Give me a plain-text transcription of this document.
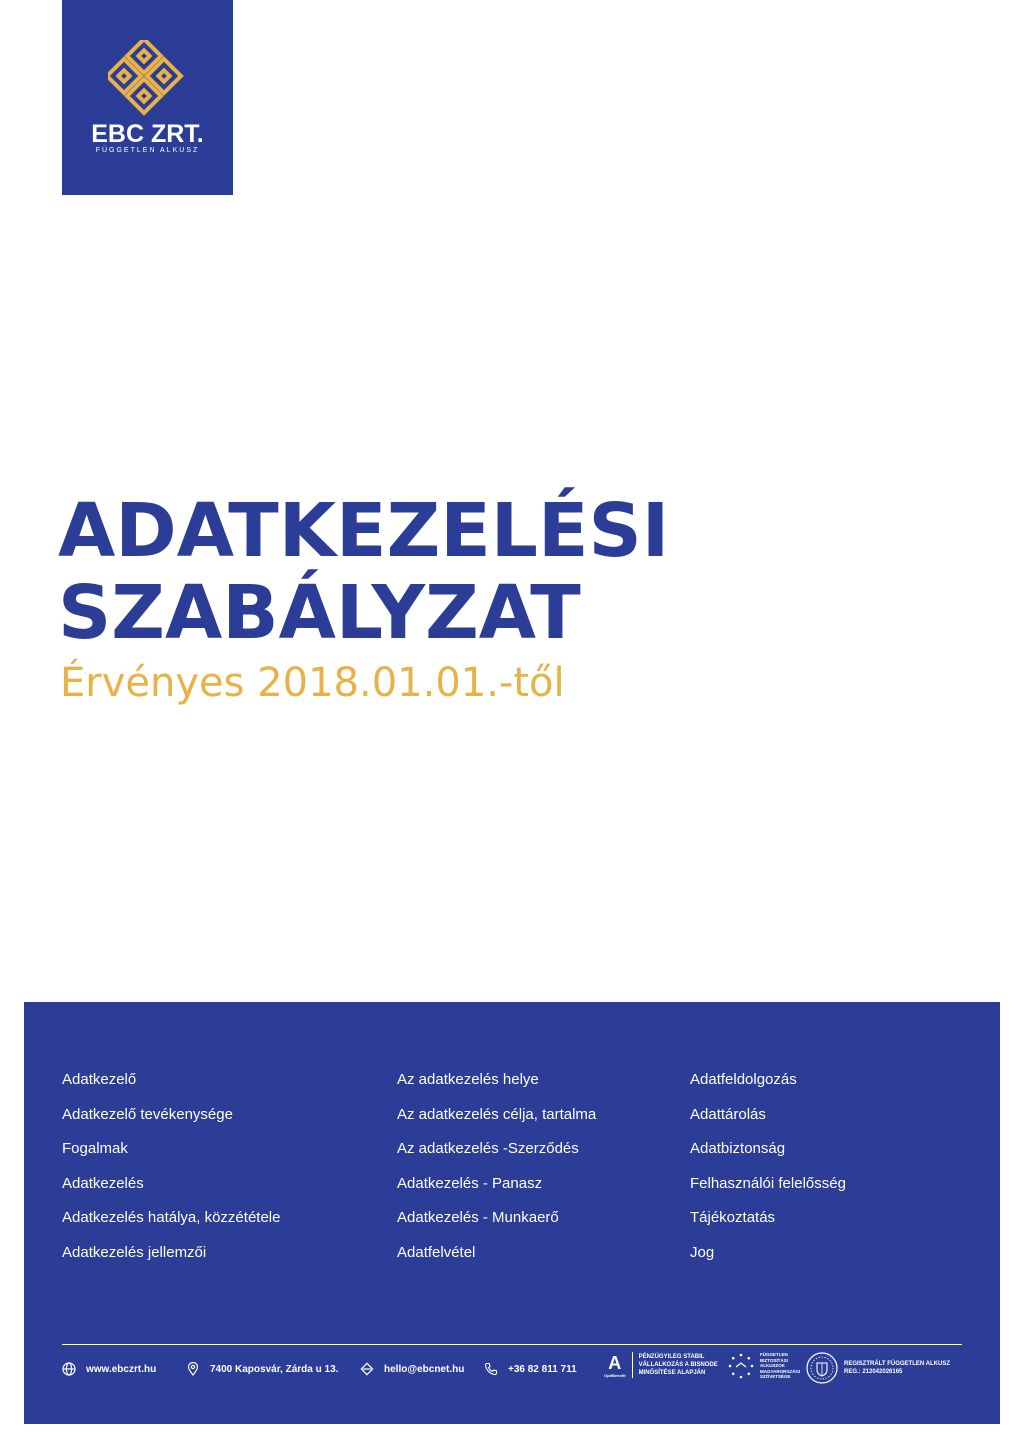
EBC ZRT.
FÜGGETLEN ALKUSZ
ADATKEZELÉSI
SZABÁLYZAT
Érvényes 2018.01.01.-től
Adatkezelő
Adatkezelő tevékenysége
Fogalmak
Adatkezelés
Adatkezelés hatálya, közzététele
Adatkezelés jellemzői
Az adatkezelés helye
Az adatkezelés célja, tartalma
Az adatkezelés -Szerződés
Adatkezelés - Panasz
Adatkezelés - Munkaerő
Adatfelvétel
Adatfeldolgozás
Adattárolás
Adatbiztonság
Felhasználói felelősség
Tájékoztatás
Jog
www.ebczrt.hu	7400 Kaposvár, Zárda u 13.	hello@ebcnet.hu	+36 82 811 711 A
OptiBenefit
PÉNZÜGYILEG STABIL
VÁLLALKOZÁS A BISNODE
MINŐSÍTÉSE ALAPJÁN
FÜGGETLEN
BIZTOSÍTÁSI
ALKUSZOK
MAGYARORSZÁGI
SZÖVETSÉGE
REGISZTRÁLT FÜGGETLEN ALKUSZ
REG.: 212042026165
